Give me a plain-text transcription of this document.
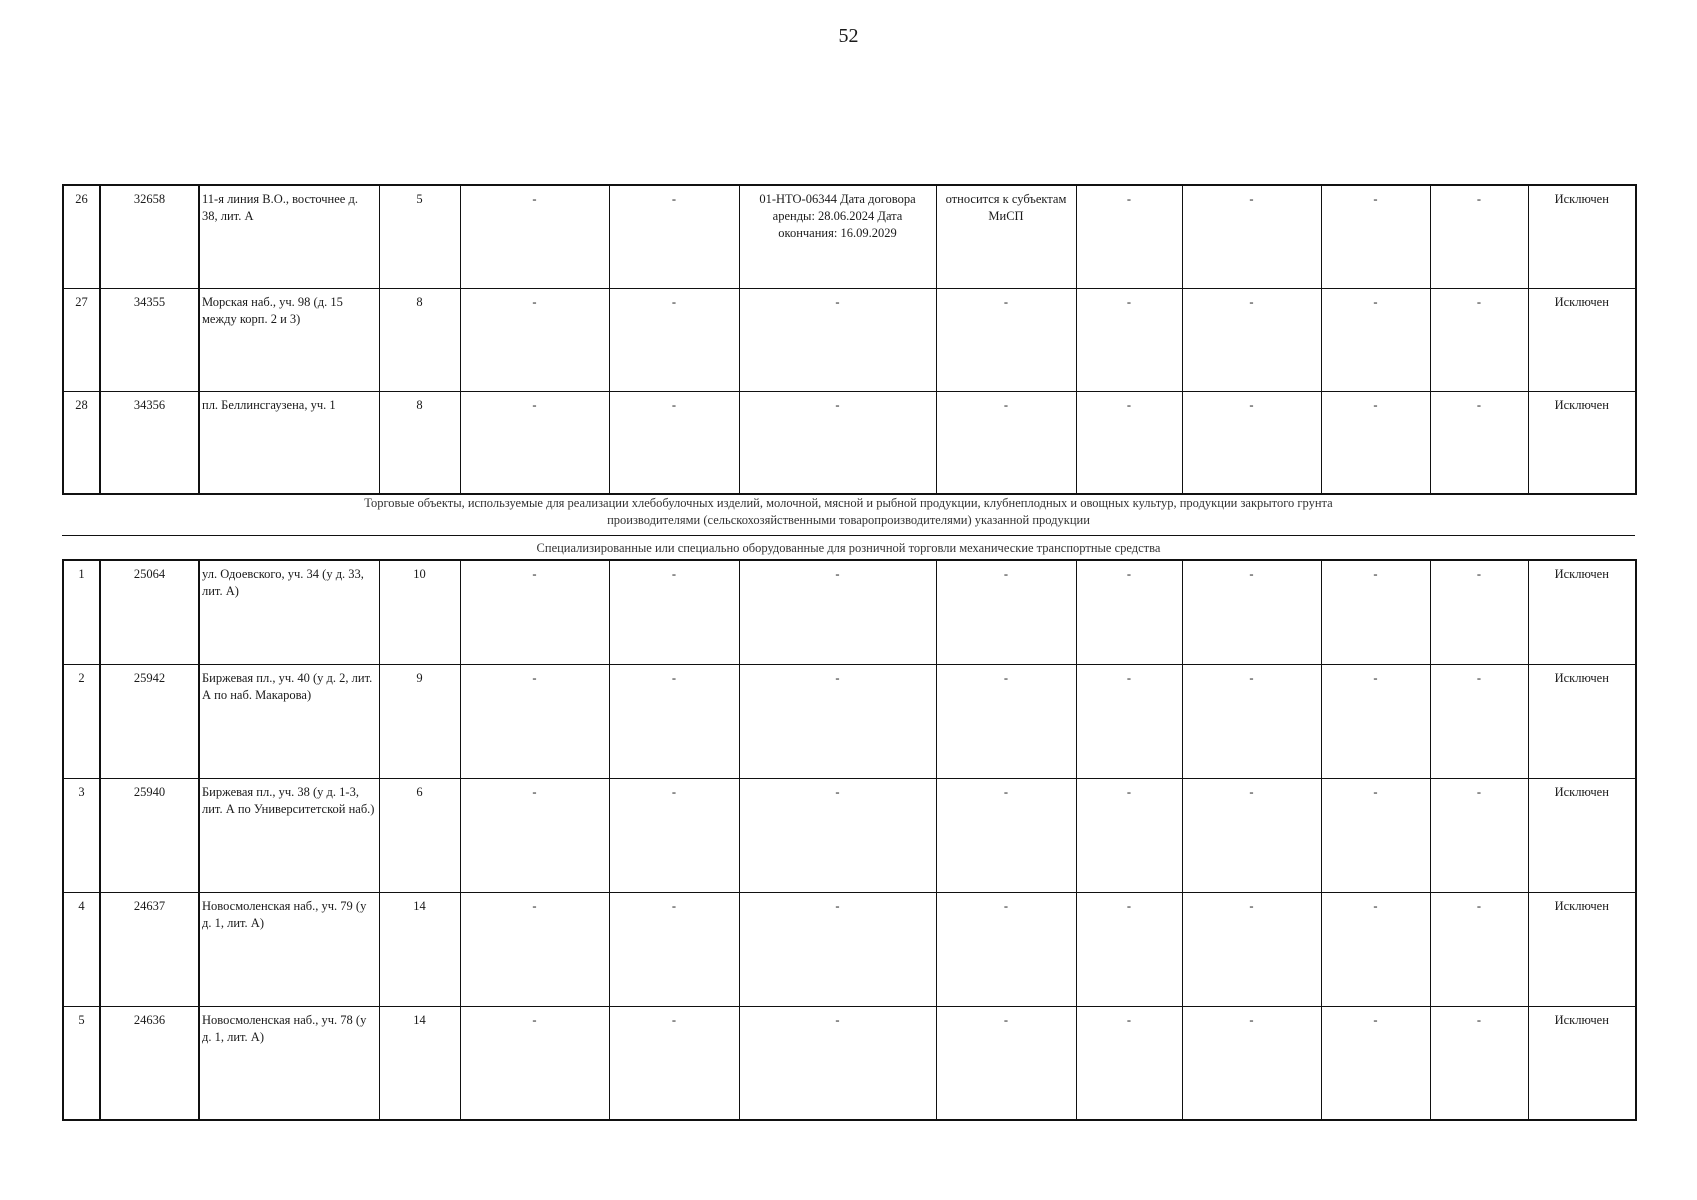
52
26	32658	11-я линия В.О., восточнее д. 38, лит. А	5	-	-	01-НТО-06344 Дата договора аренды: 28.06.2024 Дата окончания: 16.09.2029	относится к субъектам МиСП	-	-	-	-	Исключен
27	34355	Морская наб., уч. 98 (д. 15 между корп. 2 и 3)	8	-	-	-	-	-	-	-	-	Исключен
28	34356	пл. Беллинсгаузена, уч. 1	8	-	-	-	-	-	-	-	-	Исключен
Торговые объекты, используемые для реализации хлебобулочных изделий, молочной, мясной и рыбной продукции, клубнеплодных и овощных культур, продукции закрытого грунта
производителями (сельскохозяйственными товаропроизводителями) указанной продукции
Специализированные или специально оборудованные для розничной торговли механические транспортные средства
1	25064	ул. Одоевского, уч. 34 (у д. 33, лит. А)	10	-	-	-	-	-	-	-	-	Исключен
2	25942	Биржевая пл., уч. 40 (у д. 2, лит. А по наб. Макарова)	9	-	-	-	-	-	-	-	-	Исключен
3	25940	Биржевая пл., уч. 38 (у д. 1-3, лит. А по Университетской наб.)	6	-	-	-	-	-	-	-	-	Исключен
4	24637	Новосмоленская наб., уч. 79 (у д. 1, лит. А)	14	-	-	-	-	-	-	-	-	Исключен
5	24636	Новосмоленская наб., уч. 78 (у д. 1, лит. А)	14	-	-	-	-	-	-	-	-	Исключен
